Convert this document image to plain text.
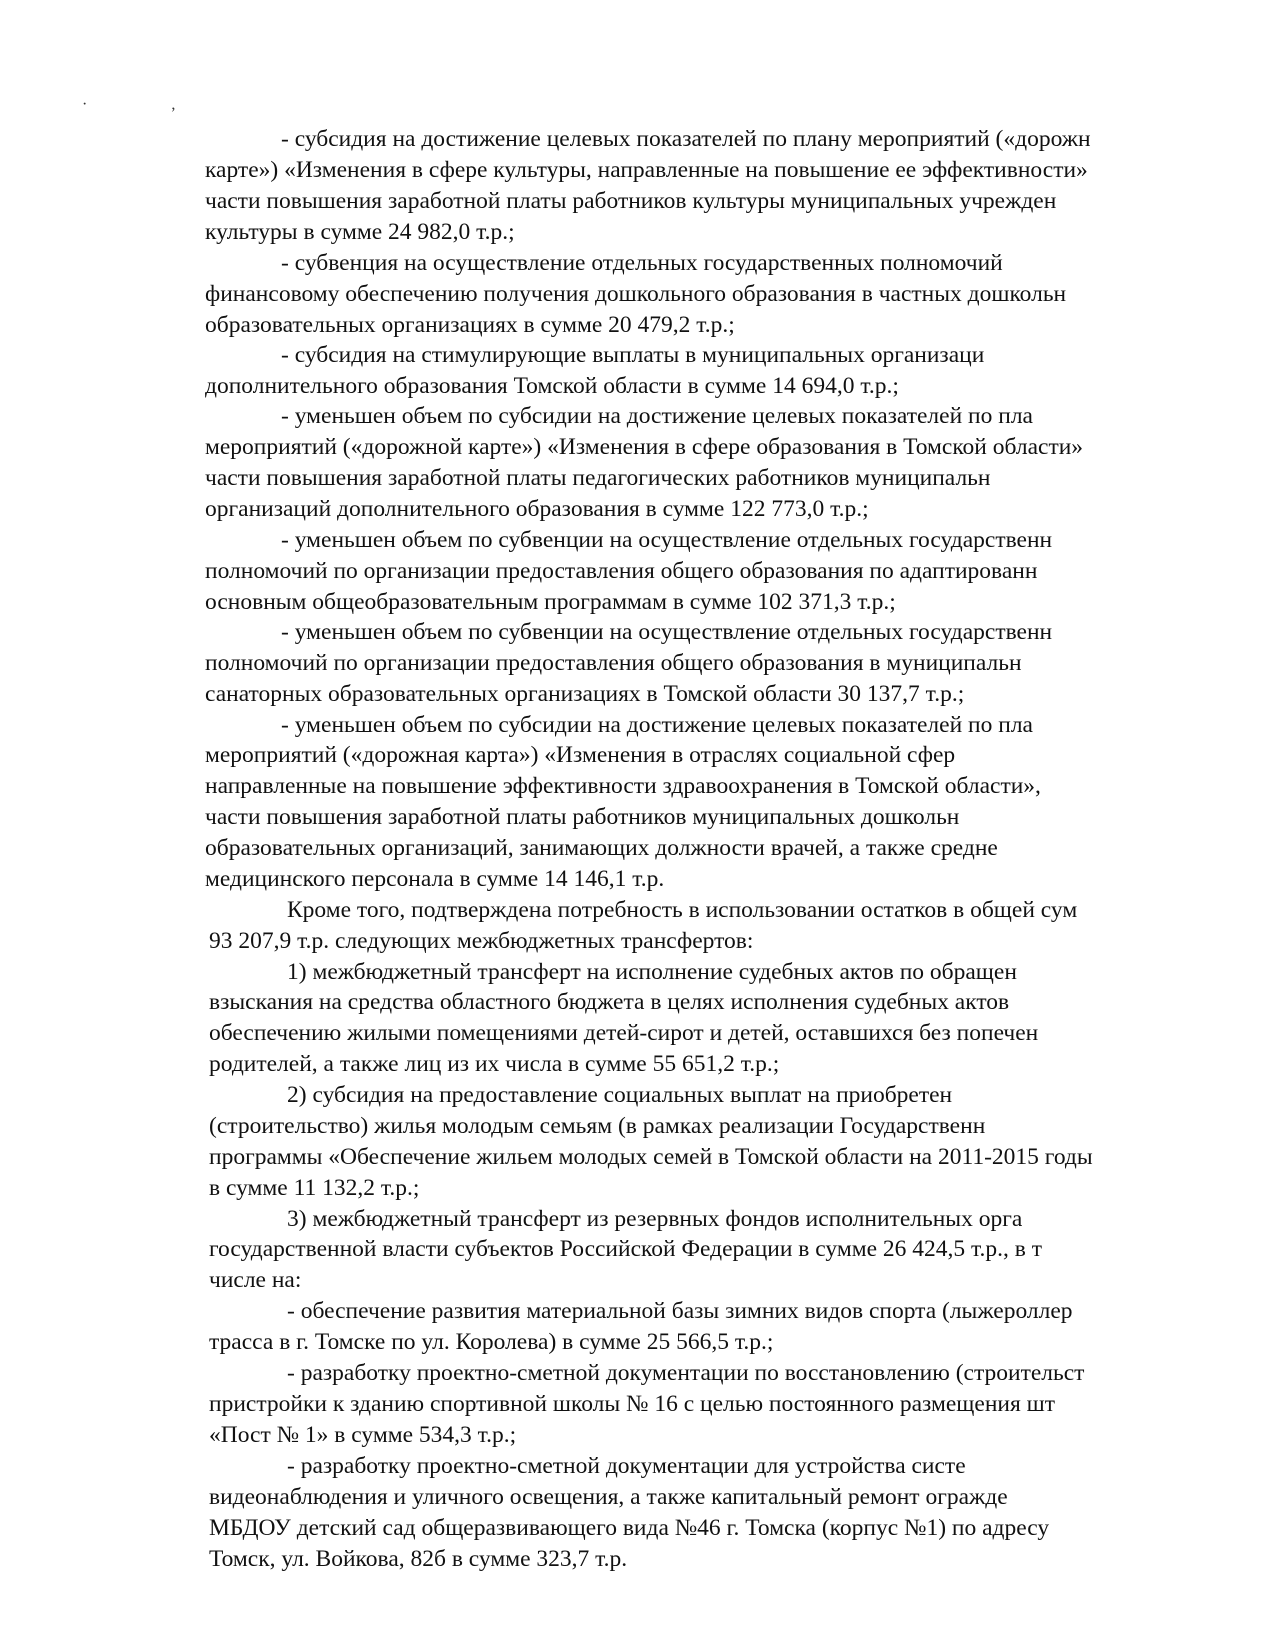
· ,
- субсидия на достижение целевых показателей по плану мероприятий («дорожн
карте») «Изменения в сфере культуры, направленные на повышение ее эффективности»
части повышения заработной платы работников культуры муниципальных учрежден
культуры в сумме 24 982,0 т.р.;
- субвенция на осуществление отдельных государственных полномочий
финансовому обеспечению получения дошкольного образования в частных дошкольн
образовательных организациях в сумме 20 479,2 т.р.;
- субсидия на стимулирующие выплаты в муниципальных организаци
дополнительного образования Томской области в сумме 14 694,0 т.р.;
- уменьшен объем по субсидии на достижение целевых показателей по пла
мероприятий («дорожной карте») «Изменения в сфере образования в Томской области»
части повышения заработной платы педагогических работников муниципальн
организаций дополнительного образования в сумме 122 773,0 т.р.;
- уменьшен объем по субвенции на осуществление отдельных государственн
полномочий по организации предоставления общего образования по адаптированн
основным общеобразовательным программам в сумме 102 371,3 т.р.;
- уменьшен объем по субвенции на осуществление отдельных государственн
полномочий по организации предоставления общего образования в муниципальн
санаторных образовательных организациях в Томской области 30 137,7 т.р.;
- уменьшен объем по субсидии на достижение целевых показателей по пла
мероприятий («дорожная карта») «Изменения в отраслях социальной сфер
направленные на повышение эффективности здравоохранения в Томской области»,
части повышения заработной платы работников муниципальных дошкольн
образовательных организаций, занимающих должности врачей, а также средне
медицинского персонала в сумме 14 146,1 т.р.
Кроме того, подтверждена потребность в использовании остатков в общей сум
93 207,9 т.р. следующих межбюджетных трансфертов:
1) межбюджетный трансферт на исполнение судебных актов по обращен
взыскания на средства областного бюджета в целях исполнения судебных актов
обеспечению жилыми помещениями детей-сирот и детей, оставшихся без попечен
родителей, а также лиц из их числа в сумме 55 651,2 т.р.;
2) субсидия на предоставление социальных выплат на приобретен
(строительство) жилья молодым семьям (в рамках реализации Государственн
программы «Обеспечение жильем молодых семей в Томской области на 2011-2015 годы
в сумме 11 132,2 т.р.;
3) межбюджетный трансферт из резервных фондов исполнительных орга
государственной власти субъектов Российской Федерации в сумме 26 424,5 т.р., в т
числе на:
- обеспечение развития материальной базы зимних видов спорта (лыжероллер
трасса в г. Томске по ул. Королева) в сумме 25 566,5 т.р.;
- разработку проектно-сметной документации по восстановлению (строительст
пристройки к зданию спортивной школы № 16 с целью постоянного размещения шт
«Пост № 1» в сумме 534,3 т.р.;
- разработку проектно-сметной документации для устройства систе
видеонаблюдения и уличного освещения, а также капитальный ремонт огражде
МБДОУ детский сад общеразвивающего вида №46 г. Томска (корпус №1) по адресу
Томск, ул. Войкова, 82б в сумме 323,7 т.р.
